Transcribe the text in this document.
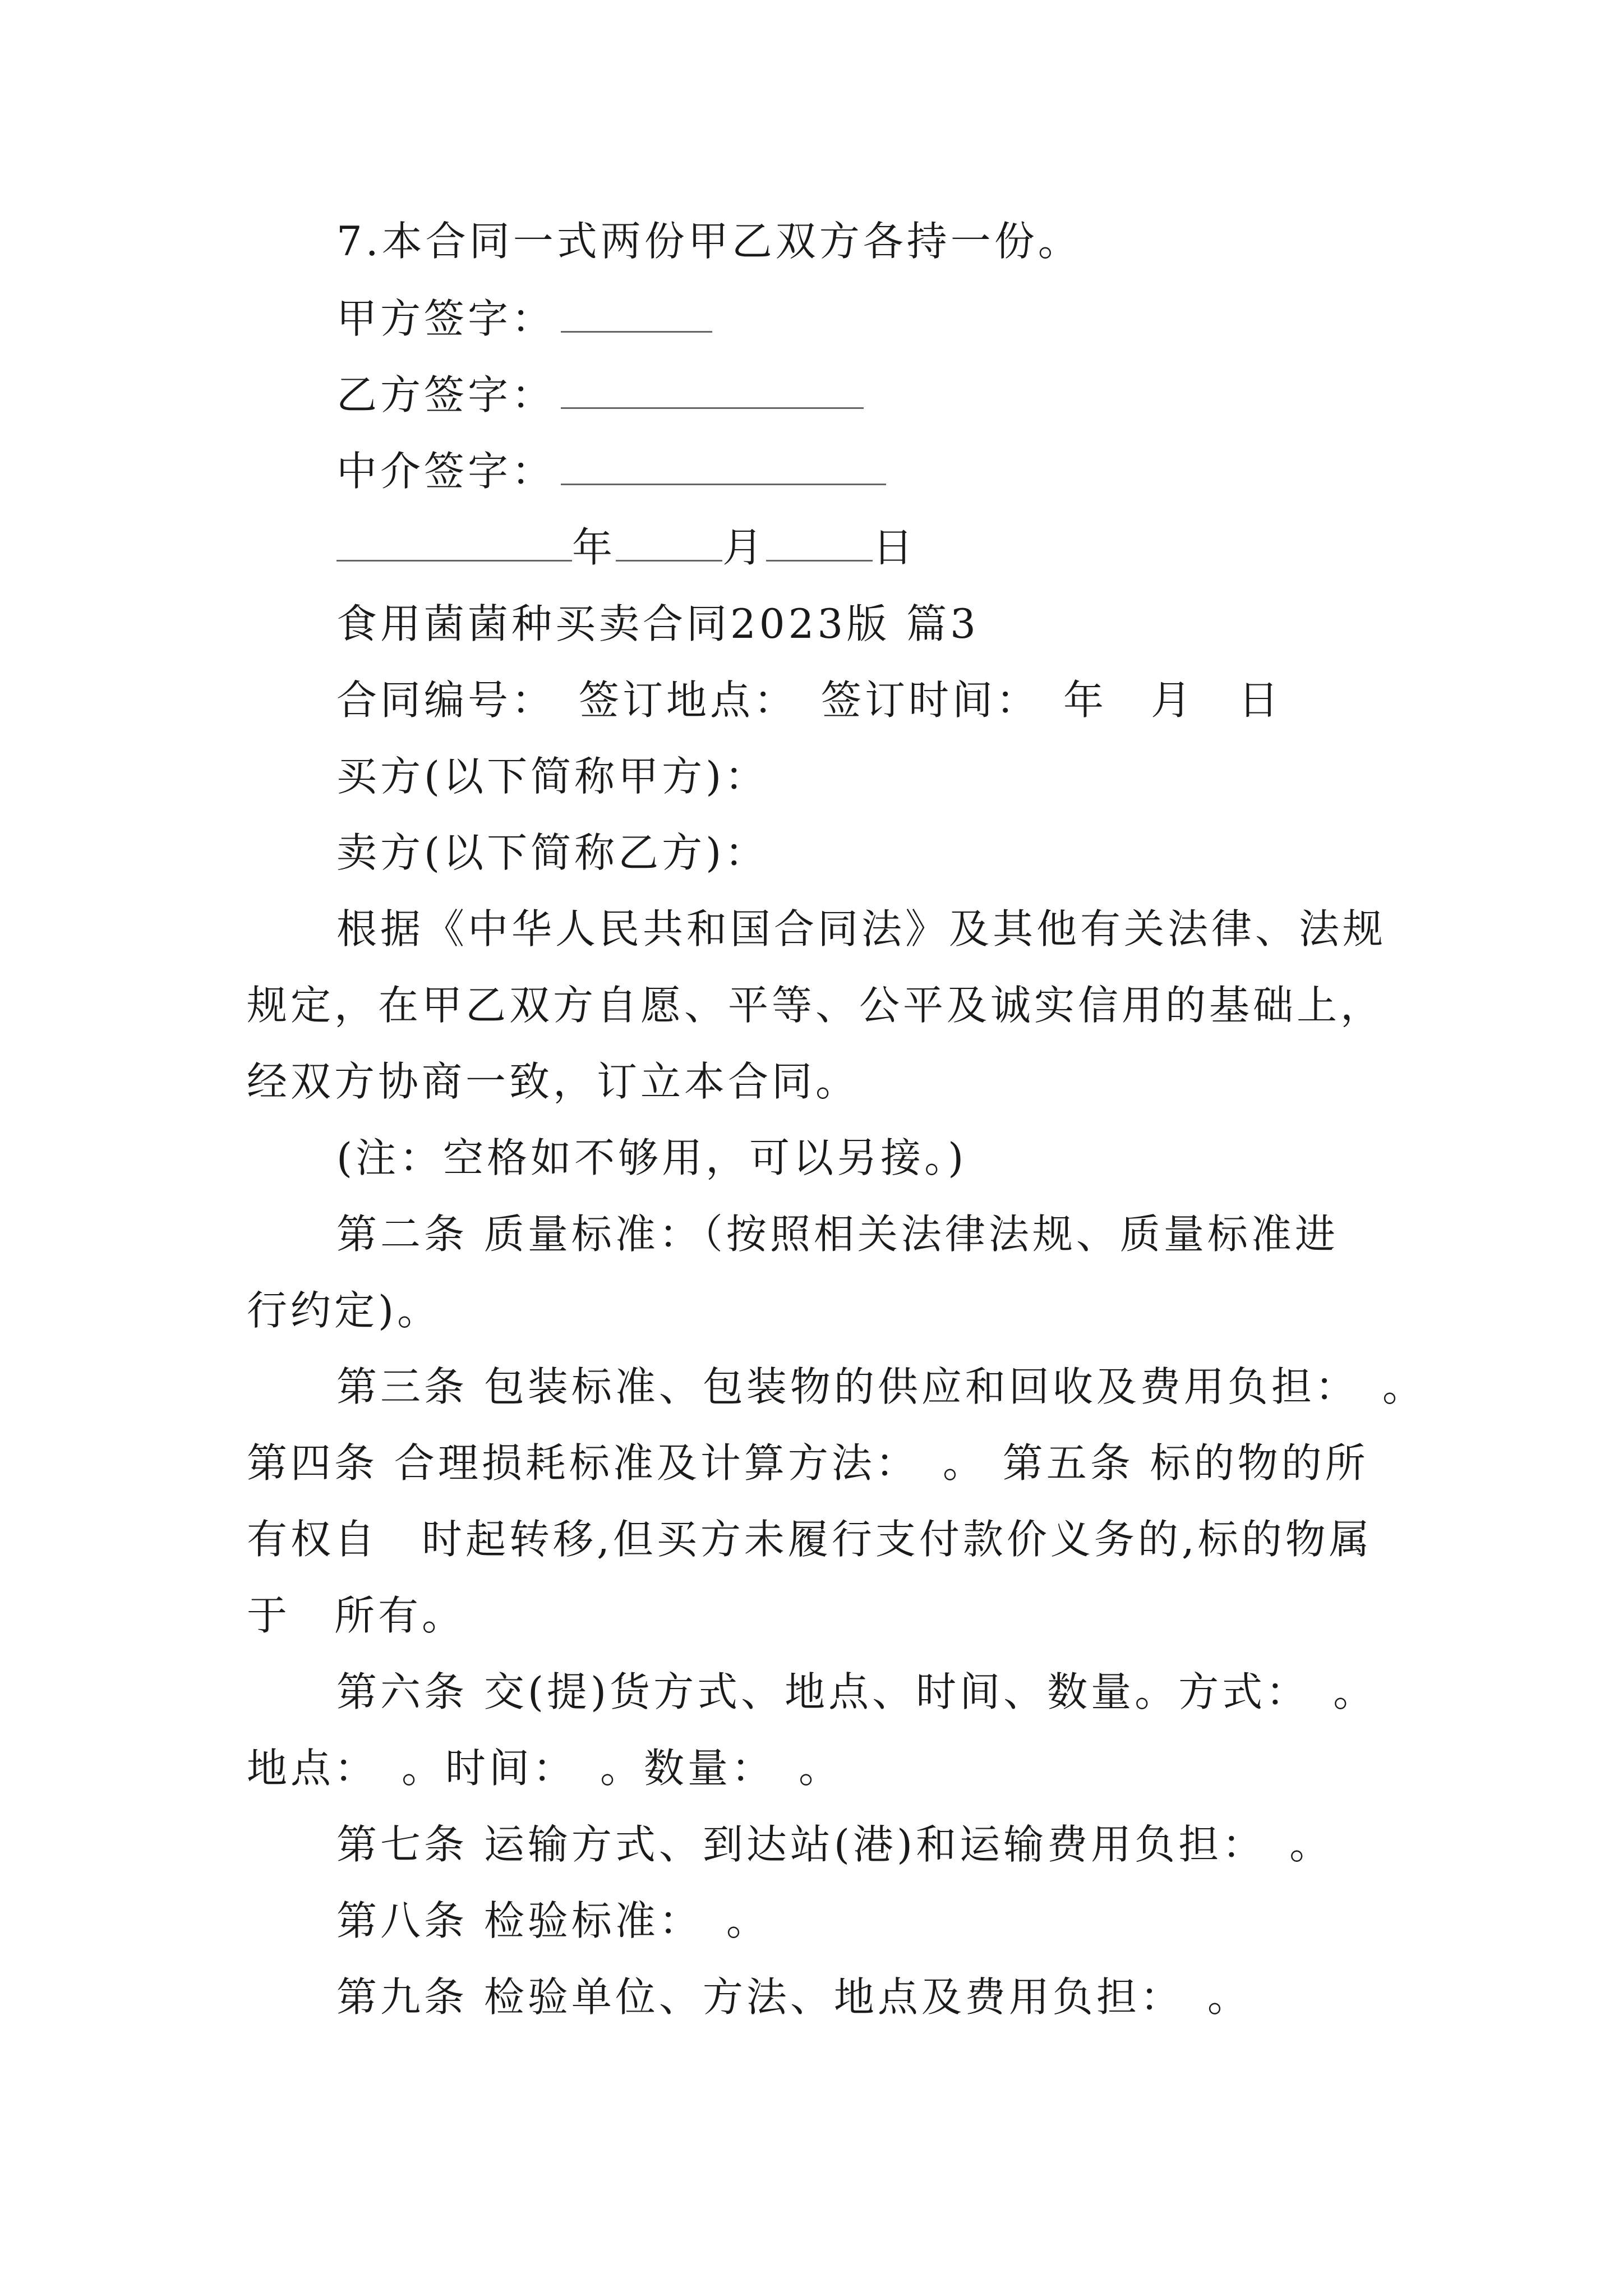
7.本合同一式两份甲乙双方各持一份。
甲方签字：
乙方签字：
中介签字：
年	月	日
食用菌菌种买卖合同2023版 篇3
合同编号：　签订地点：　签订时间：　年　月　日
买方(以下简称甲方)：
卖方(以下简称乙方)：
根据《中华人民共和国合同法》及其他有关法律、法规
规定，在甲乙双方自愿、平等、公平及诚实信用的基础上，
经双方协商一致，订立本合同。
(注：空格如不够用，可以另接。)
第二条 质量标准：（按照相关法律法规、质量标准进
行约定)。
第三条 包装标准、包装物的供应和回收及费用负担：　。
第四条 合理损耗标准及计算方法：　。 第五条 标的物的所
有权自　时起转移,但买方未履行支付款价义务的,标的物属
于　所有。
第六条 交(提)货方式、地点、时间、数量。方式：　。
地点：　。时间：　。数量：　。
第七条 运输方式、到达站(港)和运输费用负担：　。
第八条 检验标准：　。
第九条 检验单位、方法、地点及费用负担：　。
